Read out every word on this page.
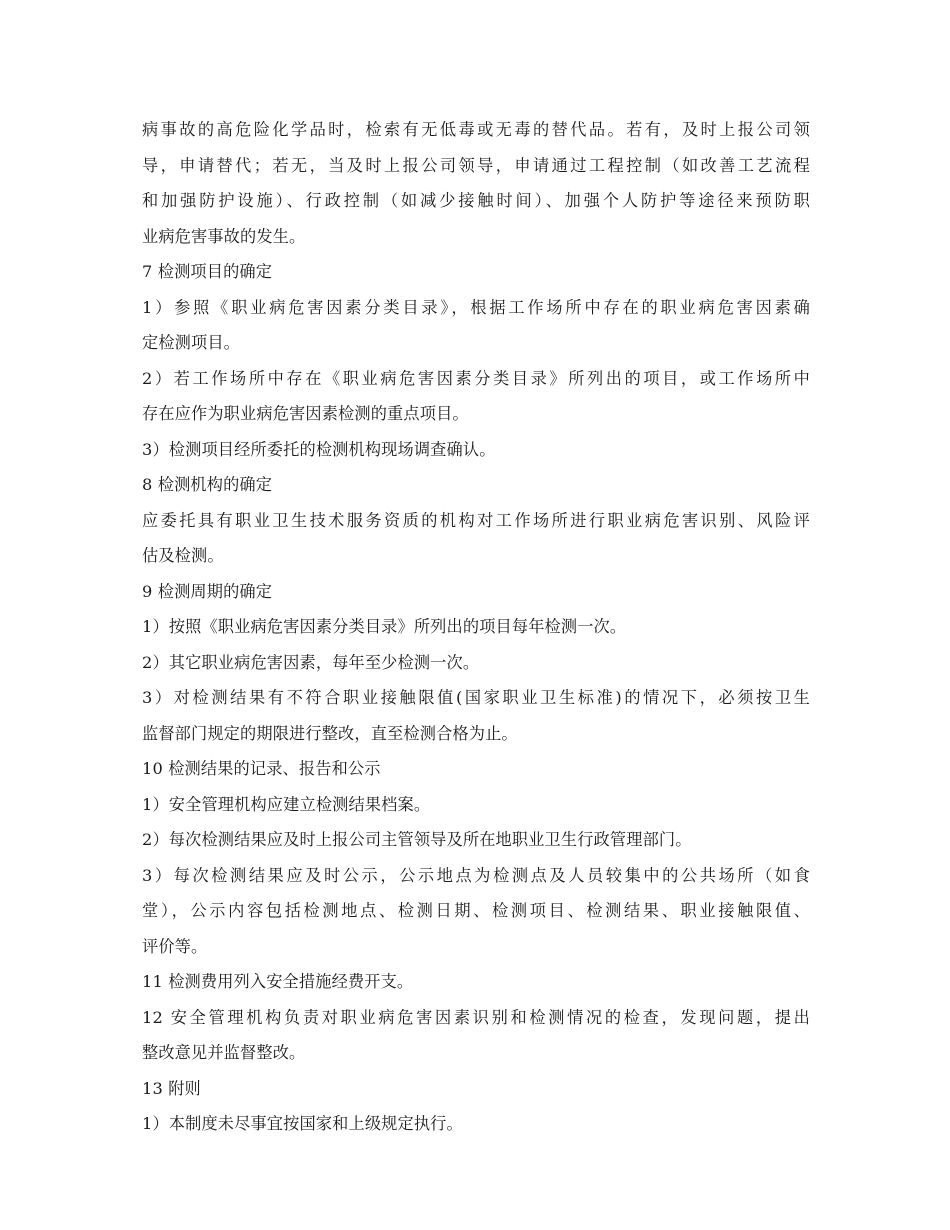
病事故的高危险化学品时，检索有无低毒或无毒的替代品。若有，及时上报公司领
导，申请替代；若无，当及时上报公司领导，申请通过工程控制（如改善工艺流程
和加强防护设施）、行政控制（如减少接触时间）、加强个人防护等途径来预防职
业病危害事故的发生。
7 检测项目的确定
1）参照《职业病危害因素分类目录》，根据工作场所中存在的职业病危害因素确
定检测项目。
2）若工作场所中存在《职业病危害因素分类目录》所列出的项目，或工作场所中
存在应作为职业病危害因素检测的重点项目。
3）检测项目经所委托的检测机构现场调查确认。
8 检测机构的确定
应委托具有职业卫生技术服务资质的机构对工作场所进行职业病危害识别、风险评
估及检测。
9 检测周期的确定
1）按照《职业病危害因素分类目录》所列出的项目每年检测一次。
2）其它职业病危害因素，每年至少检测一次。
3）对检测结果有不符合职业接触限值(国家职业卫生标准)的情况下，必须按卫生
监督部门规定的期限进行整改，直至检测合格为止。
10 检测结果的记录、报告和公示
1）安全管理机构应建立检测结果档案。
2）每次检测结果应及时上报公司主管领导及所在地职业卫生行政管理部门。
3）每次检测结果应及时公示，公示地点为检测点及人员较集中的公共场所（如食
堂），公示内容包括检测地点、检测日期、检测项目、检测结果、职业接触限值、
评价等。
11 检测费用列入安全措施经费开支。
12 安全管理机构负责对职业病危害因素识别和检测情况的检查，发现问题，提出
整改意见并监督整改。
13 附则
1）本制度未尽事宜按国家和上级规定执行。
